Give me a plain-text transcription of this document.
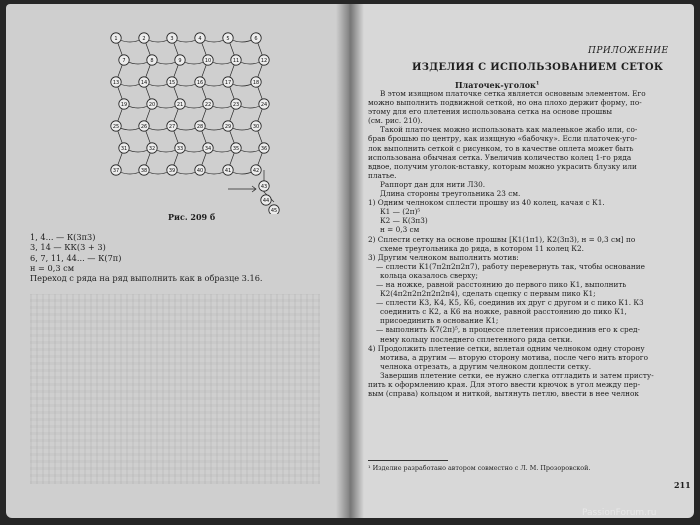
1	2	3	4	5	6
7	8	9	10	11	12
13	14	15	16	17	18
19	20	21	22	23	24
25	26	27	28	29	30
31	32	33	34	35	36
37	38	39	40	41	42
43
44
45
Рис. 209 б
1, 4... — К(3п3)
3, 14 — КК(3 + 3)
6, 7, 11, 44... — К(7п)
н = 0,3 см
Переход с ряда на ряд выполнить как в образце 3.16.
ПРИЛОЖЕНИЕ
ИЗДЕЛИЯ С ИСПОЛЬЗОВАНИЕМ СЕТОК
Платочек-уголок$^1$
В этом изящном платочке сетка является основным элементом. Его
можно выполнить подвижной сеткой, но она плохо держит форму, по-
этому для его плетения использована сетка на основе прошвы
(см. рис. 210).
Такой платочек можно использовать как маленькое жабо или, со-
брав брошью по центру, как изящную «бабочку». Если платочек-уго-
лок выполнить сеткой с рисунком, то в качестве оплета может быть
использована обычная сетка. Увеличив количество колец 1-го ряда
вдвое, получим уголок-вставку, которым можно украсить блузку или
платье.
Раппорт дан для нити Л30.
Длина стороны треугольника 23 см.
1) Одним челноком сплести прошву из 40 колец, качая с К1.
К1 — (2п)⁵
К2 — К(3п3)
н = 0,3 см
2) Сплести сетку на основе прошвы [К1(1п1), К2(3п3), н = 0,3 см] по
схеме треугольника до ряда, в котором 11 колец К2.
3) Другим челноком выполнить мотив:
— сплести К1(7п2п2п2п7), работу перевернуть так, чтобы основание
кольца оказалось сверху;
— на ножке, равной расстоянию до первого пико К1, выполнить
К2(4п2п2п2п2п2п4), сделать сцепку с первым пико К1;
— сплести К3, К4, К5, К6, соединив их друг с другом и с пико К1. К3
соединить с К2, а К6 на ножке, равной расстоянию до пико К1,
присоединить в основание К1;
— выполнить К7(2п)⁵, в процессе плетения присоединив его к сред-
нему кольцу последнего сплетенного ряда сетки.
4) Продолжить плетение сетки, вплетая одним челноком одну сторону
мотива, а другим — вторую сторону мотива, после чего нить второго
челнока отрезать, а другим челноком доплести сетку.
Завершив плетение сетки, ее нужно слегка отгладить и затем присту-
пить к оформлению края. Для этого ввести крючок в угол между пер-
вым (справа) кольцом и ниткой, вытянуть петлю, ввести в нее челнок
¹ Изделие разработано автором совместно с Л. М. Прозоровской.
211
PassionForum.ru
